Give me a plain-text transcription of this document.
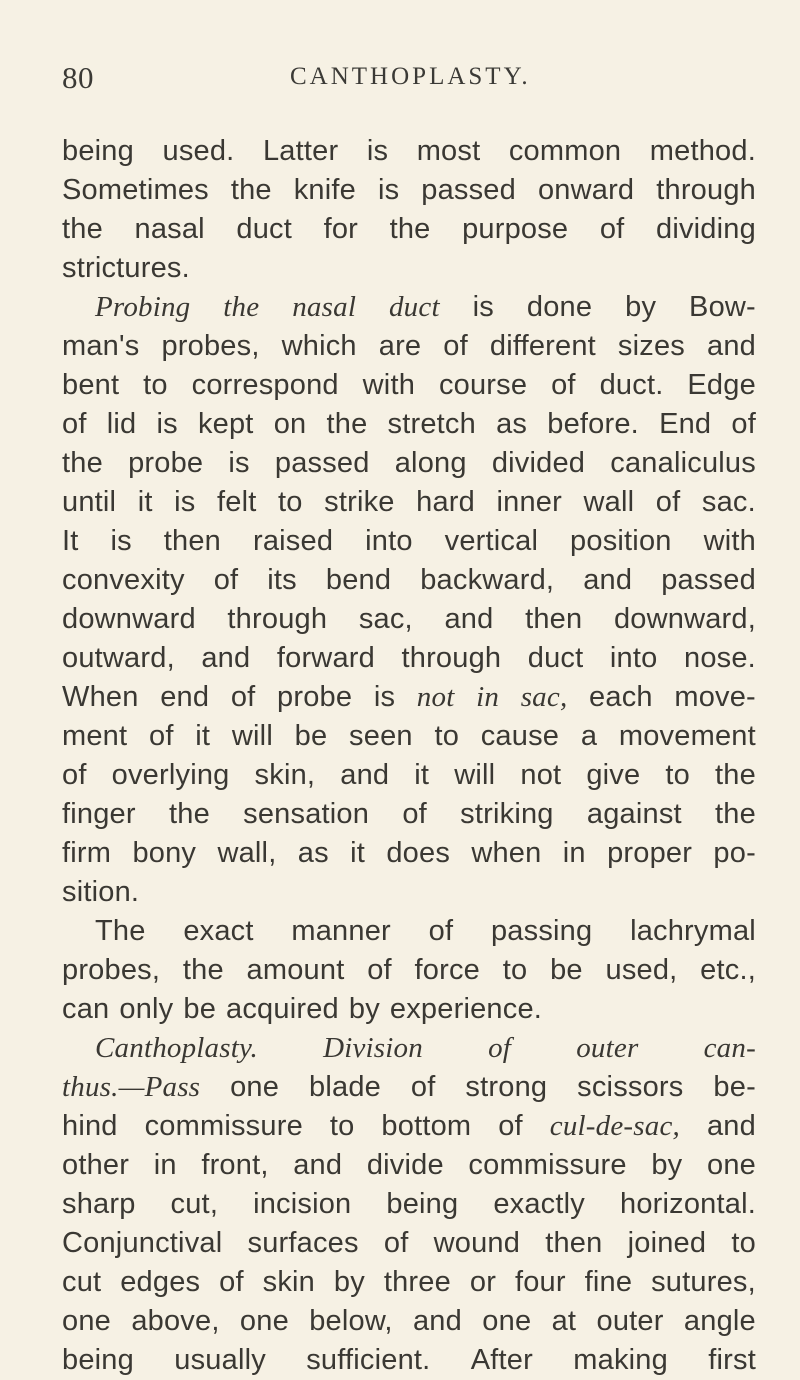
80	CANTHOPLASTY.
being used. Latter is most common method.
Sometimes the knife is passed onward through
the nasal duct for the purpose of dividing
strictures.
Probing the nasal duct is done by Bow-
man's probes, which are of different sizes and
bent to correspond with course of duct. Edge
of lid is kept on the stretch as before. End of
the probe is passed along divided canaliculus
until it is felt to strike hard inner wall of sac.
It is then raised into vertical position with
convexity of its bend backward, and passed
downward through sac, and then downward,
outward, and forward through duct into nose.
When end of probe is not in sac, each move-
ment of it will be seen to cause a movement
of overlying skin, and it will not give to the
finger the sensation of striking against the
firm bony wall, as it does when in proper po-
sition.
The exact manner of passing lachrymal
probes, the amount of force to be used, etc.,
can only be acquired by experience.
Canthoplasty. Division of outer can-
thus.—Pass one blade of strong scissors be-
hind commissure to bottom of cul-de-sac, and
other in front, and divide commissure by one
sharp cut, incision being exactly horizontal.
Conjunctival surfaces of wound then joined to
cut edges of skin by three or four fine sutures,
one above, one below, and one at outer angle
being usually sufficient. After making first
